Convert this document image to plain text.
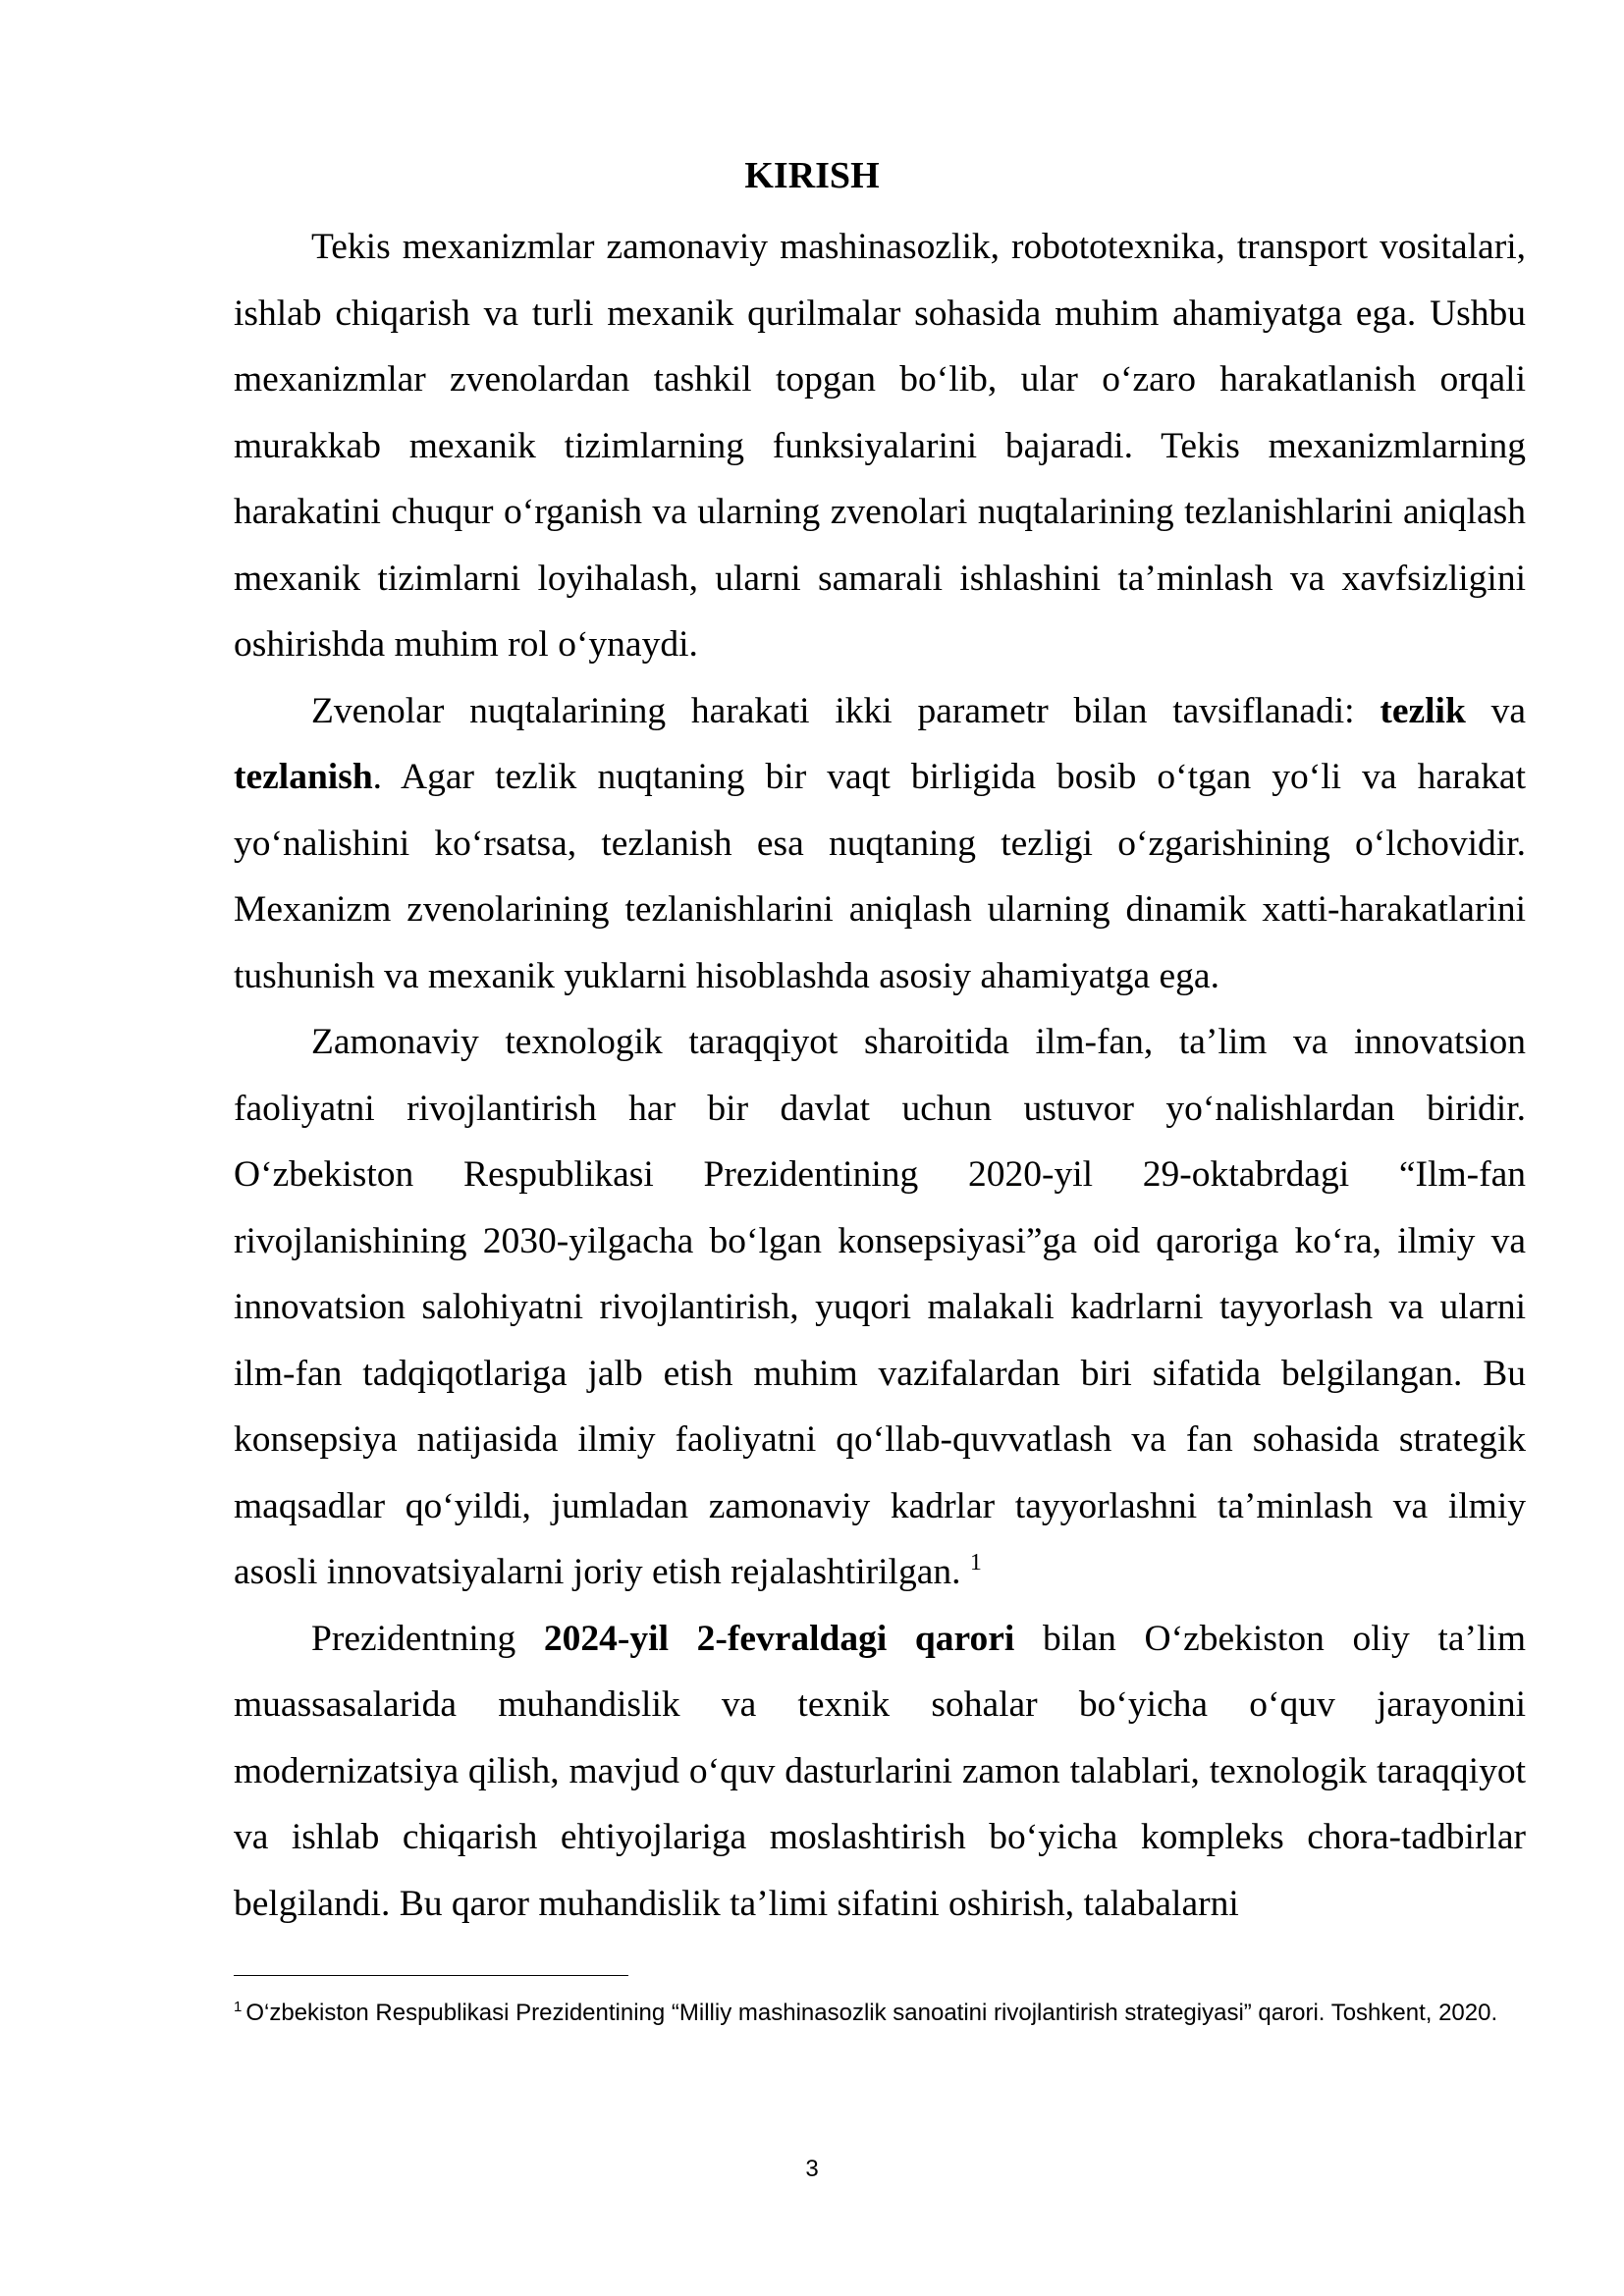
KIRISH

Tekis mexanizmlar zamonaviy mashinasozlik, robototexnika, transport vositalari, ishlab chiqarish va turli mexanik qurilmalar sohasida muhim ahamiyatga ega. Ushbu mexanizmlar zvenolardan tashkil topgan bo‘lib, ular o‘zaro harakatlanish orqali murakkab mexanik tizimlarning funksiyalarini bajaradi. Tekis mexanizmlarning harakatini chuqur o‘rganish va ularning zvenolari nuqtalarining tezlanishlarini aniqlash mexanik tizimlarni loyihalash, ularni samarali ishlashini ta’minlash va xavfsizligini oshirishda muhim rol o‘ynaydi.

Zvenolar nuqtalarining harakati ikki parametr bilan tavsiflanadi: tezlik va tezlanish. Agar tezlik nuqtaning bir vaqt birligida bosib o‘tgan yo‘li va harakat yo‘nalishini ko‘rsatsa, tezlanish esa nuqtaning tezligi o‘zgarishining o‘lchovidir. Mexanizm zvenolarining tezlanishlarini aniqlash ularning dinamik xatti-harakatlarini tushunish va mexanik yuklarni hisoblashda asosiy ahamiyatga ega.

Zamonaviy texnologik taraqqiyot sharoitida ilm-fan, ta’lim va innovatsion faoliyatni rivojlantirish har bir davlat uchun ustuvor yo‘nalishlardan biridir. O‘zbekiston Respublikasi Prezidentining 2020-yil 29-oktabrdagi “Ilm-fan rivojlanishining 2030-yilgacha bo‘lgan konsepsiyasi”ga oid qaroriga ko‘ra, ilmiy va innovatsion salohiyatni rivojlantirish, yuqori malakali kadrlarni tayyorlash va ularni ilm-fan tadqiqotlariga jalb etish muhim vazifalardan biri sifatida belgilangan. Bu konsepsiya natijasida ilmiy faoliyatni qo‘llab-quvvatlash va fan sohasida strategik maqsadlar qo‘yildi, jumladan zamonaviy kadrlar tayyorlashni ta’minlash va ilmiy asosli innovatsiyalarni joriy etish rejalashtirilgan. $^1$

Prezidentning 2024-yil 2-fevraldagi qarori bilan O‘zbekiston oliy ta’lim muassasalarida muhandislik va texnik sohalar bo‘yicha o‘quv jarayonini modernizatsiya qilish, mavjud o‘quv dasturlarini zamon talablari, texnologik taraqqiyot va ishlab chiqarish ehtiyojlariga moslashtirish bo‘yicha kompleks chora-tadbirlar belgilandi. Bu qaror muhandislik ta’limi sifatini oshirish, talabalarni

$^1$ O‘zbekiston Respublikasi Prezidentining “Milliy mashinasozlik sanoatini rivojlantirish strategiyasi” qarori. Toshkent, 2020.

3
